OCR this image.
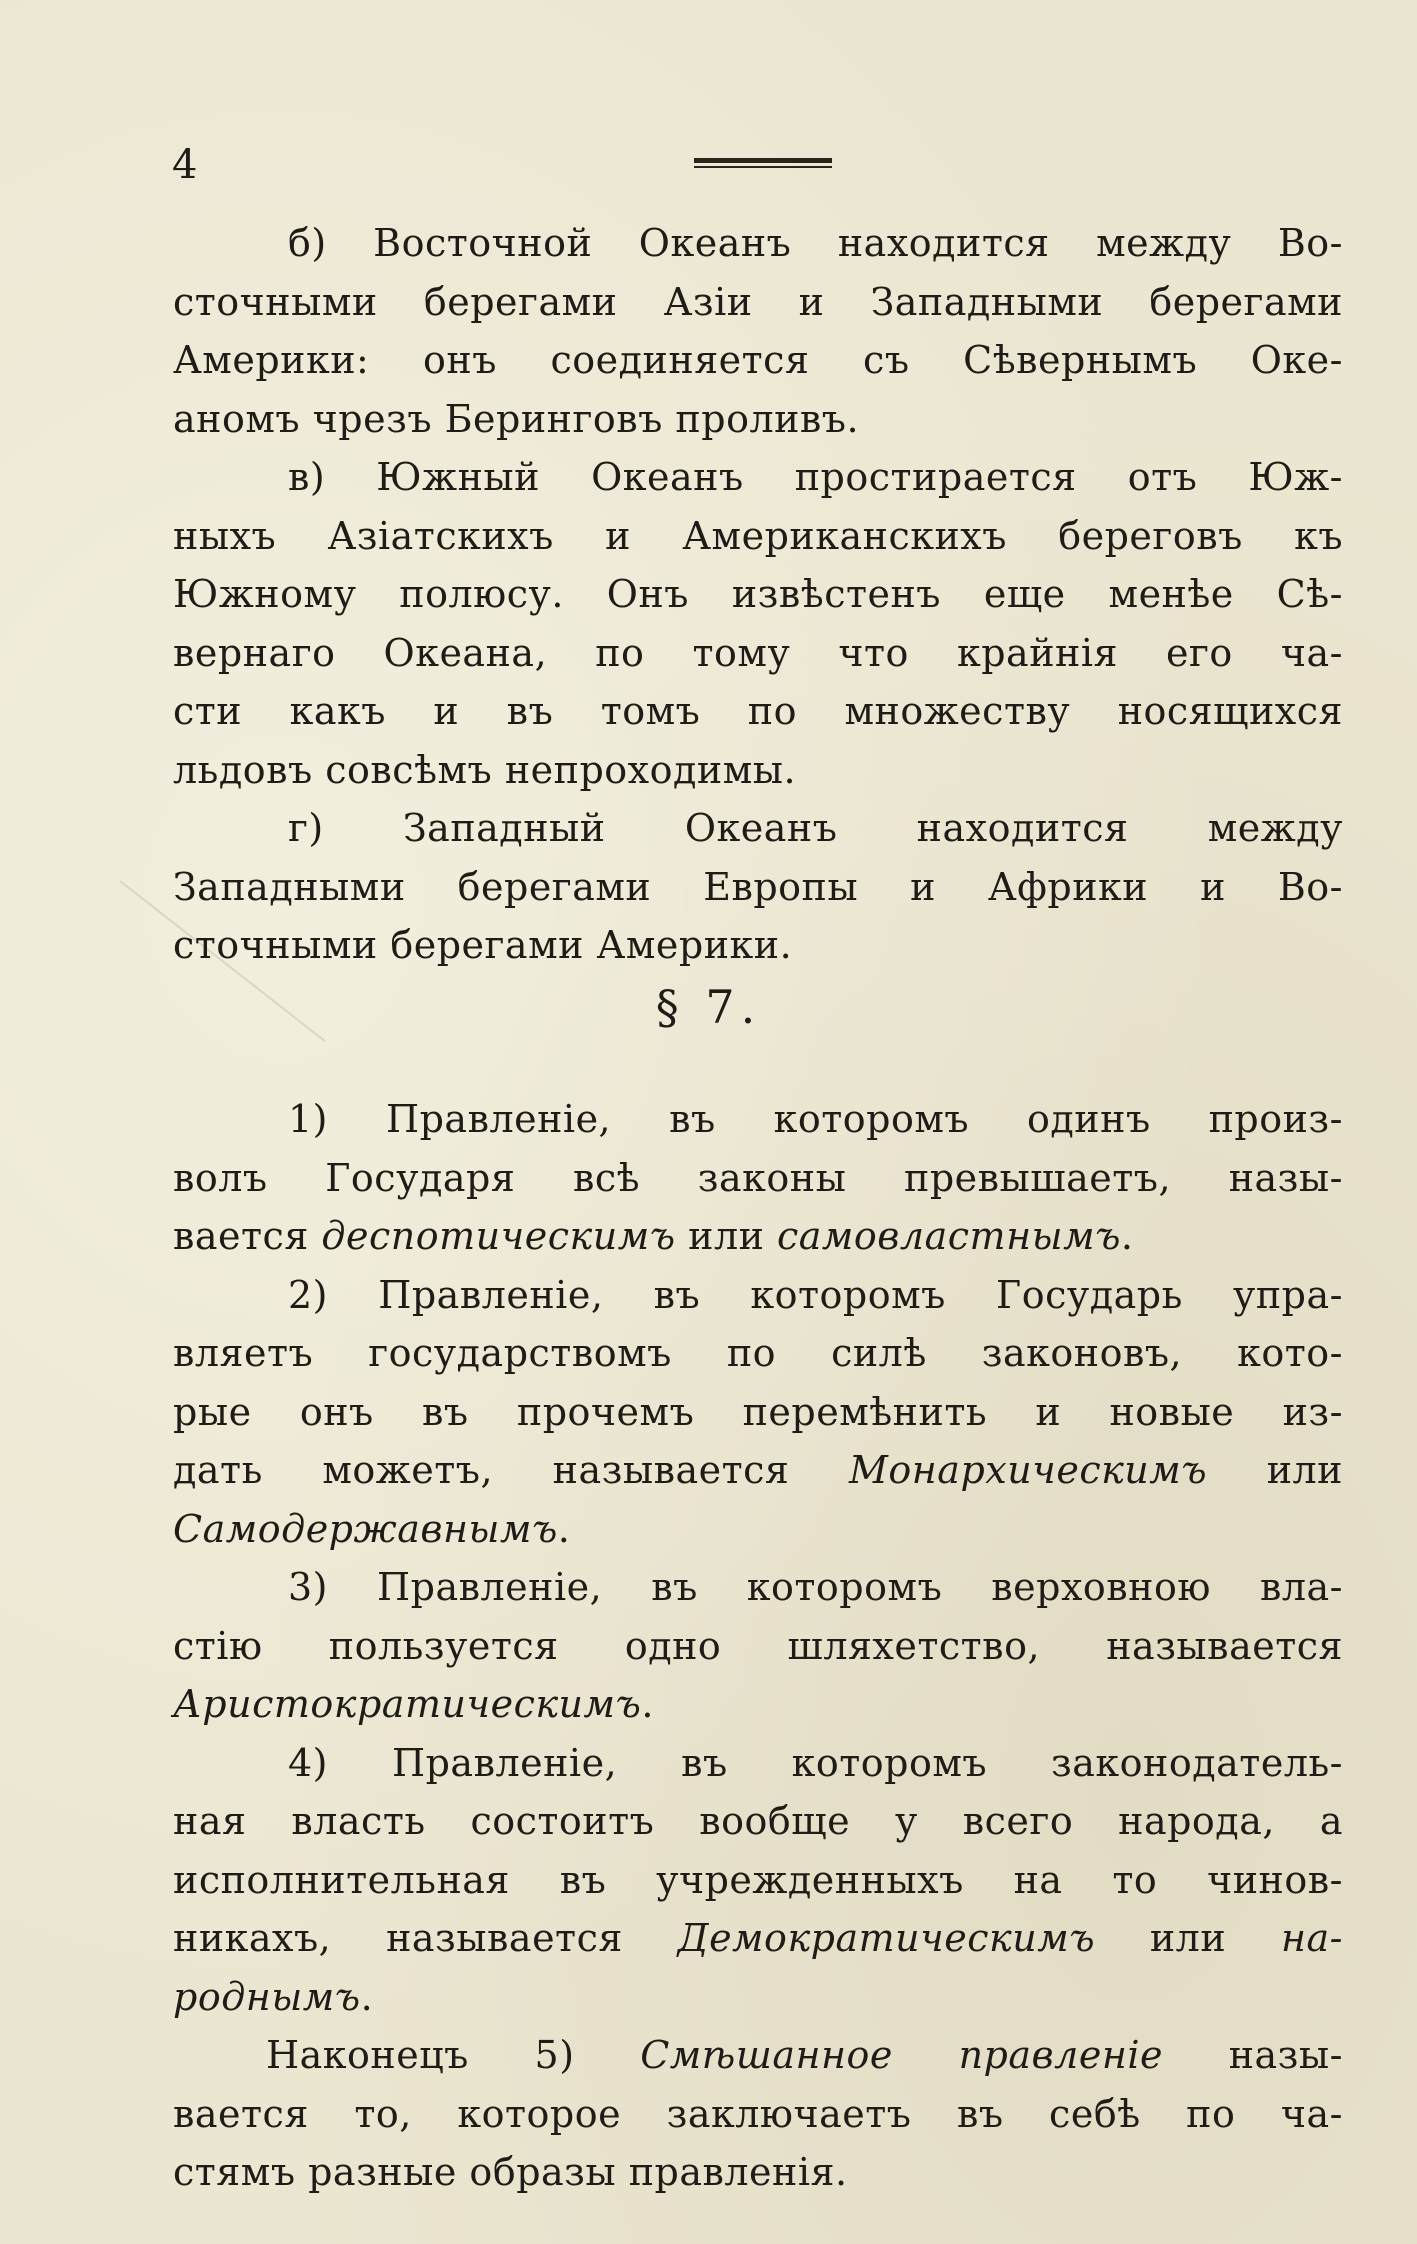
4
б) Восточной Океанъ находится между Во-
сточными берегами Азiи и Западными берегами
Америки: онъ соединяется съ Сѣвернымъ Оке-
аномъ чрезъ Беринговъ проливъ.
в) Южный Океанъ простирается отъ Юж-
ныхъ Азiатскихъ и Американскихъ береговъ къ
Южному полюсу. Онъ извѣстенъ еще менѣе Сѣ-
вернаго Океана, по тому что крайнiя его ча-
сти какъ и въ томъ по множеству носящихся
льдовъ совсѣмъ непроходимы.
г) Западный Океанъ находится между
Западными берегами Европы и Африки и Во-
сточными берегами Америки.
§ 7.
1) Правленiе, въ которомъ одинъ произ-
волъ Государя всѣ законы превышаетъ, назы-
вается деспотическимъ или самовластнымъ.
2) Правленiе, въ которомъ Государь упра-
вляетъ государствомъ по силѣ законовъ, кото-
рые онъ въ прочемъ перемѣнить и новые из-
дать можетъ, называется Монархическимъ или
Самодержавнымъ.
3) Правленiе, въ которомъ верховною вла-
стiю пользуется одно шляхетство, называется
Аристократическимъ.
4) Правленiе, въ которомъ законодатель-
ная власть состоитъ вообще у всего народа, а
исполнительная въ учрежденныхъ на то чинов-
никахъ, называется Демократическимъ или на-
роднымъ.
Наконецъ 5) Смѣшанное правленiе назы-
вается то, которое заключаетъ въ себѣ по ча-
стямъ разные образы правленiя.
